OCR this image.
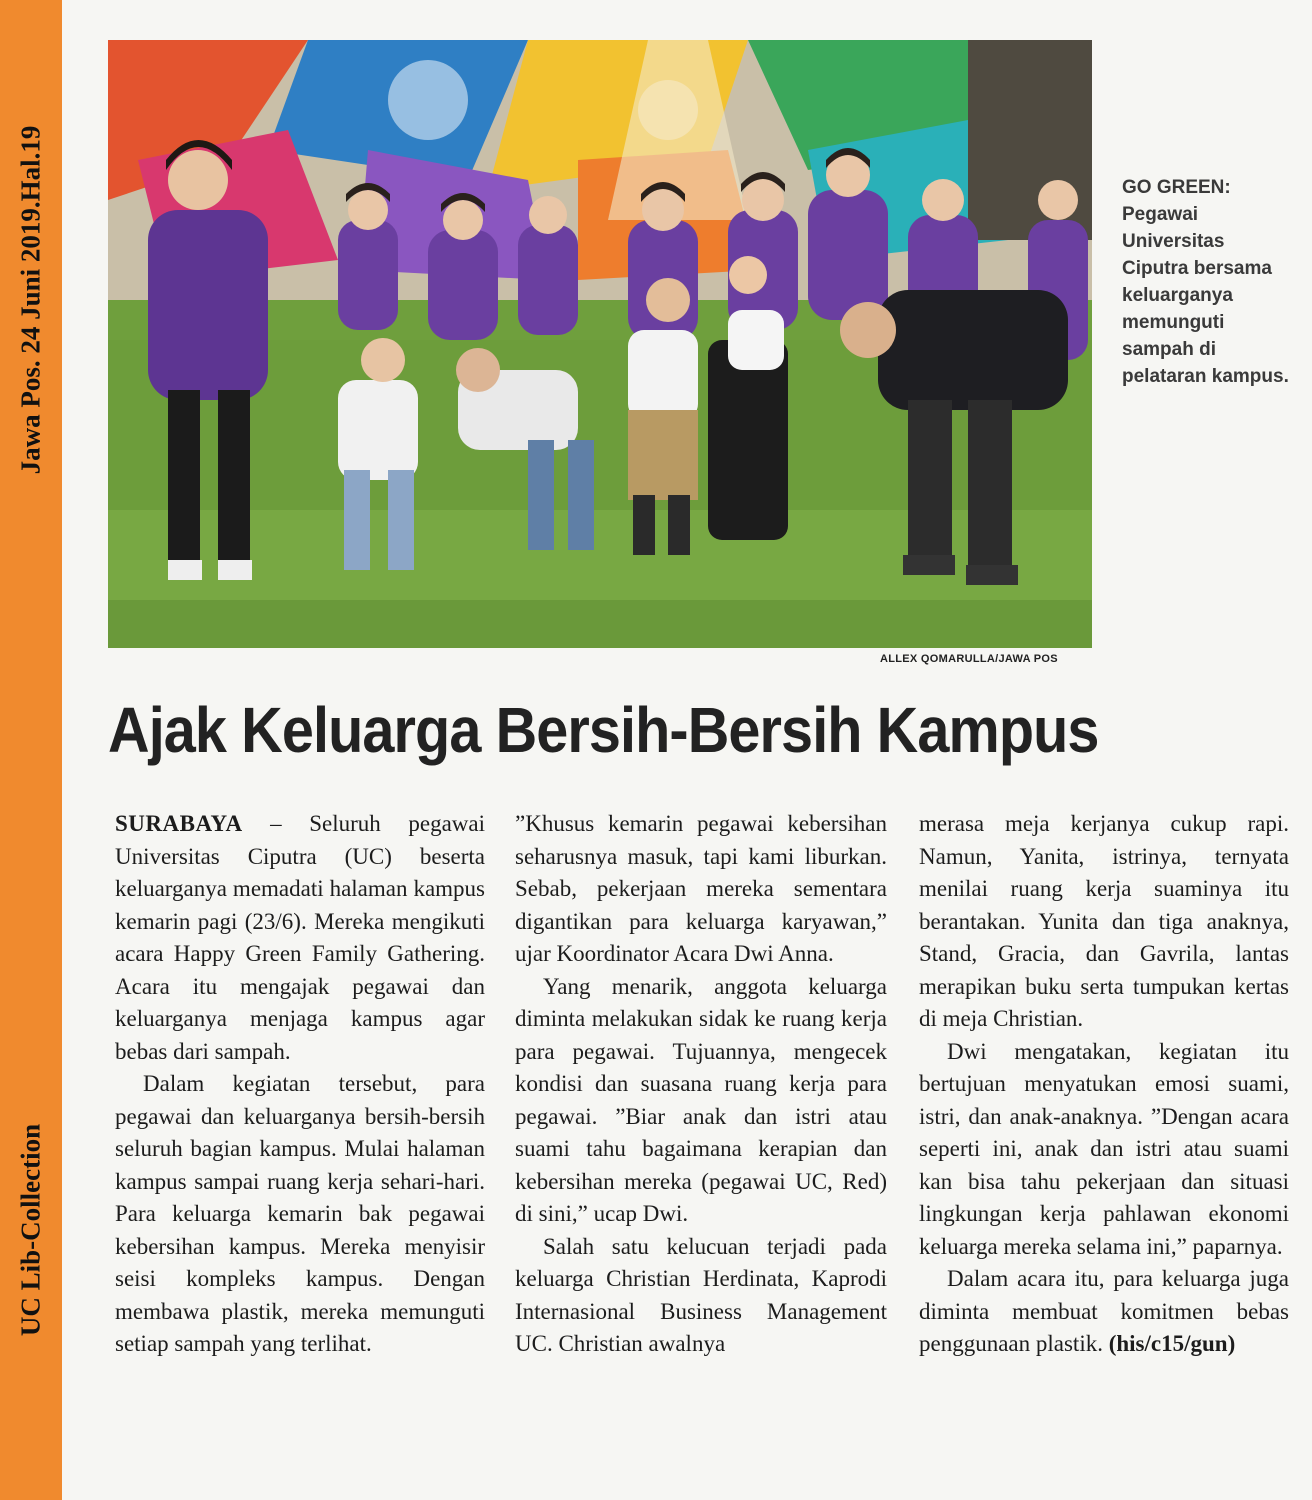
Jawa Pos. 24 Juni 2019.Hal.19
UC Lib-Collection
ALLEX QOMARULLA/JAWA POS
GO GREEN:
Pegawai Universitas Ciputra bersama keluarganya memunguti sampah di pelataran kampus.
Ajak Keluarga Bersih-Bersih Kampus

SURABAYA – Seluruh pegawai Universitas Ciputra (UC) beserta keluarganya memadati halaman kampus kemarin pagi (23/6). Mereka mengikuti acara Happy Green Family Gathering. Acara itu mengajak pegawai dan keluarganya menjaga kampus agar bebas dari sampah.

Dalam kegiatan tersebut, para pegawai dan keluarganya bersih-bersih seluruh bagian kampus. Mulai halaman kampus sampai ruang kerja sehari-hari. Para keluarga kemarin bak pegawai kebersihan kampus. Mereka menyisir seisi kompleks kampus. Dengan membawa plastik, mereka memunguti setiap sampah yang terlihat.

”Khusus kemarin pegawai kebersihan seharusnya masuk, tapi kami liburkan. Sebab, pekerjaan mereka sementara digantikan para keluarga karyawan,” ujar Koordinator Acara Dwi Anna.

Yang menarik, anggota keluarga diminta melakukan sidak ke ruang kerja para pegawai. Tujuannya, mengecek kondisi dan suasana ruang kerja para pegawai. ”Biar anak dan istri atau suami tahu bagaimana kerapian dan kebersihan mereka (pegawai UC, Red) di sini,” ucap Dwi.

Salah satu kelucuan terjadi pada keluarga Christian Herdinata, Kaprodi Internasional Business Management UC. Christian awalnya

merasa meja kerjanya cukup rapi. Namun, Yanita, istrinya, ternyata menilai ruang kerja suaminya itu berantakan. Yunita dan tiga anaknya, Stand, Gracia, dan Gavrila, lantas merapikan buku serta tumpukan kertas di meja Christian.

Dwi mengatakan, kegiatan itu bertujuan menyatukan emosi suami, istri, dan anak-anaknya. ”Dengan acara seperti ini, anak dan istri atau suami kan bisa tahu pekerjaan dan situasi lingkungan kerja pahlawan ekonomi keluarga mereka selama ini,” paparnya.

Dalam acara itu, para keluarga juga diminta membuat komitmen bebas penggunaan plastik. (his/c15/gun)
